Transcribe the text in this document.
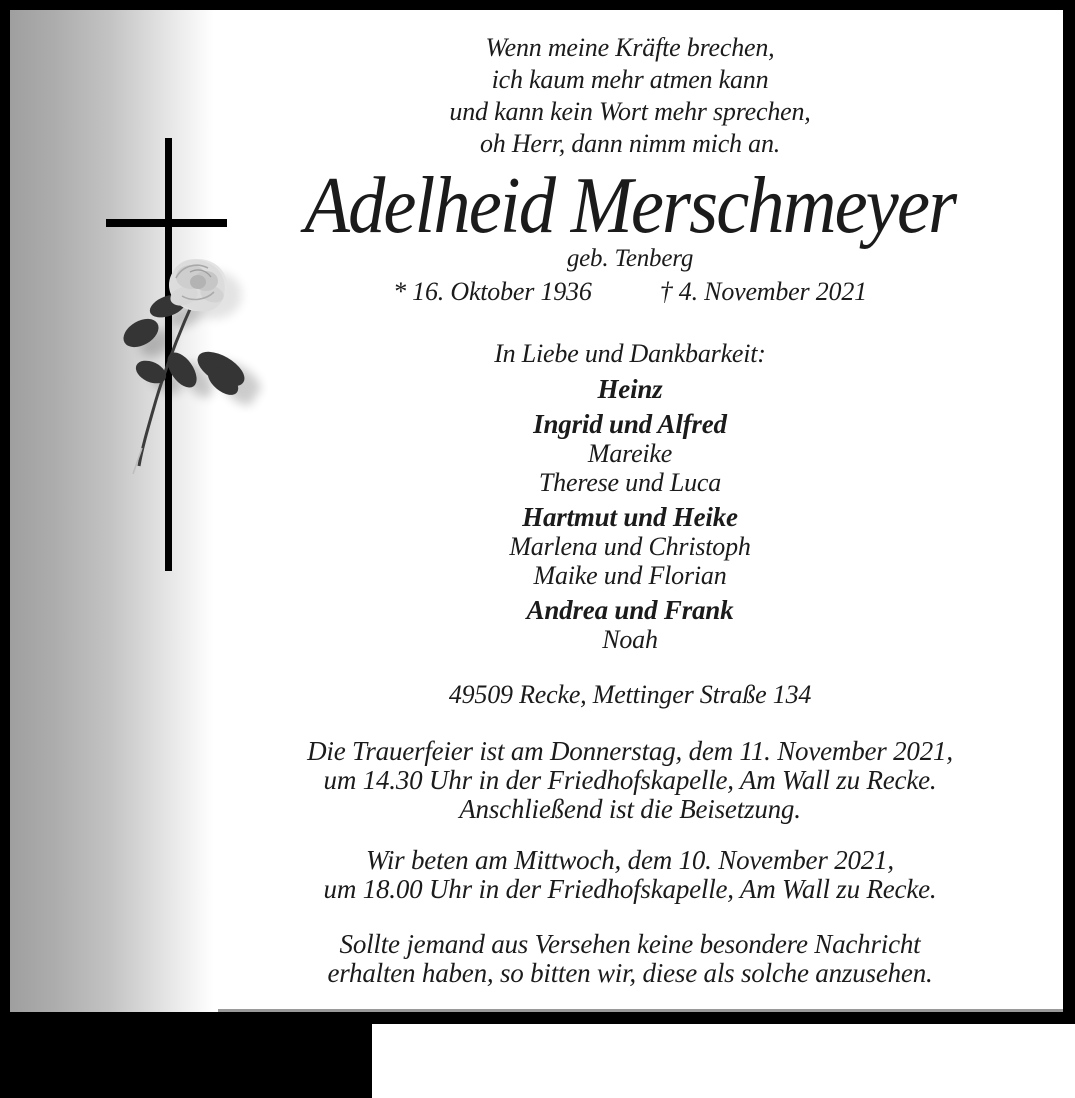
Wenn meine Kräfte brechen,
ich kaum mehr atmen kann
und kann kein Wort mehr sprechen,
oh Herr, dann nimm mich an.
Adelheid Merschmeyer
geb. Tenberg
* 16. Oktober 1936	† 4. November 2021
In Liebe und Dankbarkeit:
Heinz
Ingrid und Alfred
Mareike
Therese und Luca
Hartmut und Heike
Marlena und Christoph
Maike und Florian
Andrea und Frank
Noah
49509 Recke, Mettinger Straße 134
Die Trauerfeier ist am Donnerstag, dem 11. November 2021,
um 14.30 Uhr in der Friedhofskapelle, Am Wall zu Recke.
Anschließend ist die Beisetzung.
Wir beten am Mittwoch, dem 10. November 2021,
um 18.00 Uhr in der Friedhofskapelle, Am Wall zu Recke.
Sollte jemand aus Versehen keine besondere Nachricht
erhalten haben, so bitten wir, diese als solche anzusehen.
